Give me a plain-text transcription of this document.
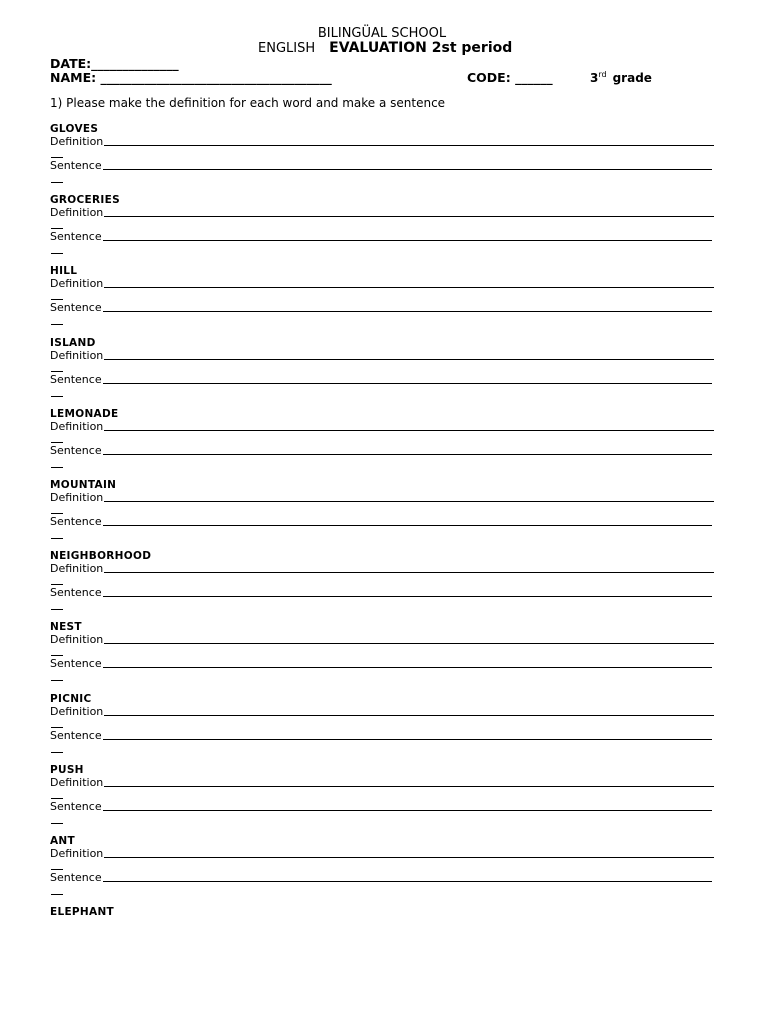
BILINGÜAL SCHOOL
ENGLISH EVALUATION 2st period
DATE:______________
NAME: _____________________________________	CODE: ______	3rd grade
1) Please make the definition for each word and make a sentence
GLOVES
Definition
Sentence
GROCERIES
Definition
Sentence
HILL
Definition
Sentence
ISLAND
Definition
Sentence
LEMONADE
Definition
Sentence
MOUNTAIN
Definition
Sentence
NEIGHBORHOOD
Definition
Sentence
NEST
Definition
Sentence
PICNIC
Definition
Sentence
PUSH
Definition
Sentence
ANT
Definition
Sentence
ELEPHANT
